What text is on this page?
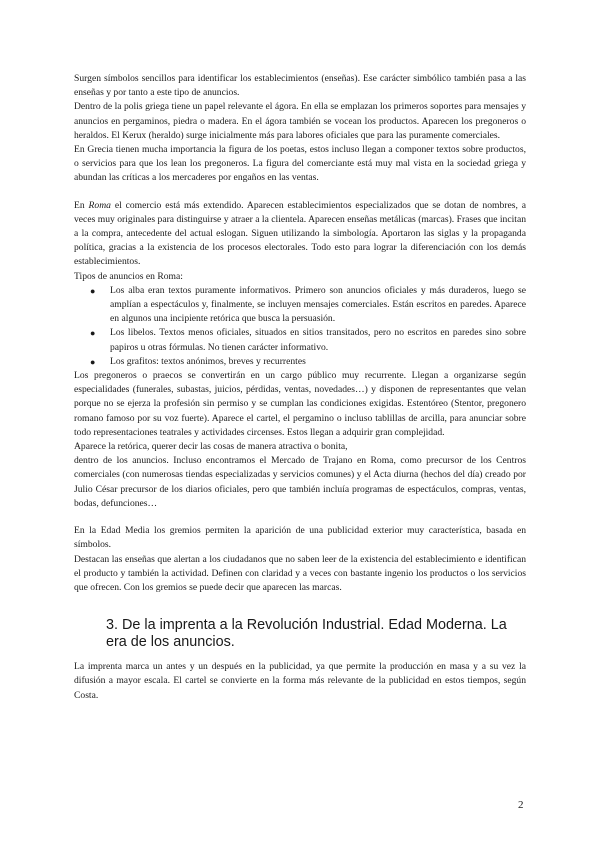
Surgen símbolos sencillos para identificar los establecimientos (enseñas). Ese carácter simbólico también pasa a las enseñas y por tanto a este tipo de anuncios.

Dentro de la polis griega tiene un papel relevante el ágora. En ella se emplazan los primeros soportes para mensajes y anuncios en pergaminos, piedra o madera. En el ágora también se vocean los productos. Aparecen los pregoneros o heraldos. El Kerux (heraldo) surge inicialmente más para labores oficiales que para las puramente comerciales.

En Grecia tienen mucha importancia la figura de los poetas, estos incluso llegan a componer textos sobre productos, o servicios para que los lean los pregoneros. La figura del comerciante está muy mal vista en la sociedad griega y abundan las críticas a los mercaderes por engaños en las ventas.

En Roma el comercio está más extendido. Aparecen establecimientos especializados que se dotan de nombres, a veces muy originales para distinguirse y atraer a la clientela. Aparecen enseñas metálicas (marcas). Frases que incitan a la compra, antecedente del actual eslogan. Siguen utilizando la simbología. Aportaron las siglas y la propaganda política, gracias a la existencia de los procesos electorales. Todo esto para lograr la diferenciación con los demás establecimientos.

Tipos de anuncios en Roma:

● Los alba eran textos puramente informativos. Primero son anuncios oficiales y más duraderos, luego se amplían a espectáculos y, finalmente, se incluyen mensajes comerciales. Están escritos en paredes. Aparece en algunos una incipiente retórica que busca la persuasión.
● Los libelos. Textos menos oficiales, situados en sitios transitados, pero no escritos en paredes sino sobre papiros u otras fórmulas. No tienen carácter informativo.
● Los grafitos: textos anónimos, breves y recurrentes

Los pregoneros o praecos se convertirán en un cargo público muy recurrente. Llegan a organizarse según especialidades (funerales, subastas, juicios, pérdidas, ventas, novedades…) y disponen de representantes que velan porque no se ejerza la profesión sin permiso y se cumplan las condiciones exigidas. Estentóreo (Stentor, pregonero romano famoso por su voz fuerte). Aparece el cartel, el pergamino o incluso tablillas de arcilla, para anunciar sobre todo representaciones teatrales y actividades circenses. Estos llegan a adquirir gran complejidad.

Aparece la retórica, querer decir las cosas de manera atractiva o bonita,

dentro de los anuncios. Incluso encontramos el Mercado de Trajano en Roma, como precursor de los Centros comerciales (con numerosas tiendas especializadas y servicios comunes) y el Acta diurna (hechos del día) creado por Julio César precursor de los diarios oficiales, pero que también incluía programas de espectáculos, compras, ventas, bodas, defunciones…

En la Edad Media los gremios permiten la aparición de una publicidad exterior muy característica, basada en símbolos.

Destacan las enseñas que alertan a los ciudadanos que no saben leer de la existencia del establecimiento e identifican el producto y también la actividad. Definen con claridad y a veces con bastante ingenio los productos o los servicios que ofrecen. Con los gremios se puede decir que aparecen las marcas.

3. De la imprenta a la Revolución Industrial. Edad Moderna. La era de los anuncios.

La imprenta marca un antes y un después en la publicidad, ya que permite la producción en masa y a su vez la difusión a mayor escala. El cartel se convierte en la forma más relevante de la publicidad en estos tiempos, según Costa.

2
